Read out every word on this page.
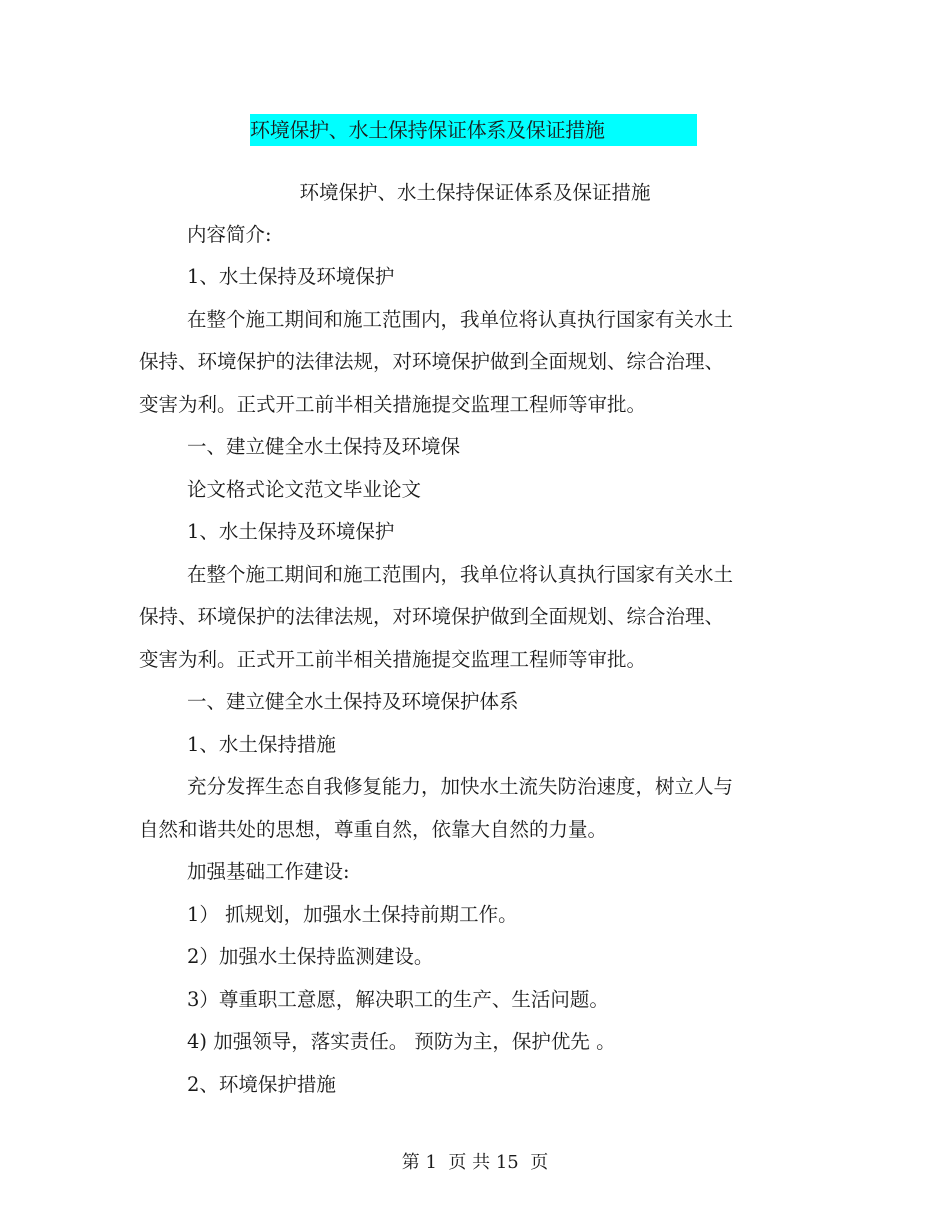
环境保护、水土保持保证体系及保证措施
环境保护、水土保持保证体系及保证措施
内容简介:
1、水土保持及环境保护
在整个施工期间和施工范围内，我单位将认真执行国家有关水土
保持、环境保护的法律法规，对环境保护做到全面规划、综合治理、
变害为利。正式开工前半相关措施提交监理工程师等审批。
一、建立健全水土保持及环境保
论文格式论文范文毕业论文
1、水土保持及环境保护
在整个施工期间和施工范围内，我单位将认真执行国家有关水土
保持、环境保护的法律法规，对环境保护做到全面规划、综合治理、
变害为利。正式开工前半相关措施提交监理工程师等审批。
一、建立健全水土保持及环境保护体系
1、水土保持措施
充分发挥生态自我修复能力，加快水土流失防治速度，树立人与
自然和谐共处的思想，尊重自然，依靠大自然的力量。
加强基础工作建设:
1） 抓规划，加强水土保持前期工作。
2）加强水土保持监测建设。
3）尊重职工意愿，解决职工的生产、生活问题。
4) 加强领导，落实责任。 预防为主，保护优先 。
2、环境保护措施
第 1  页 共 15  页
